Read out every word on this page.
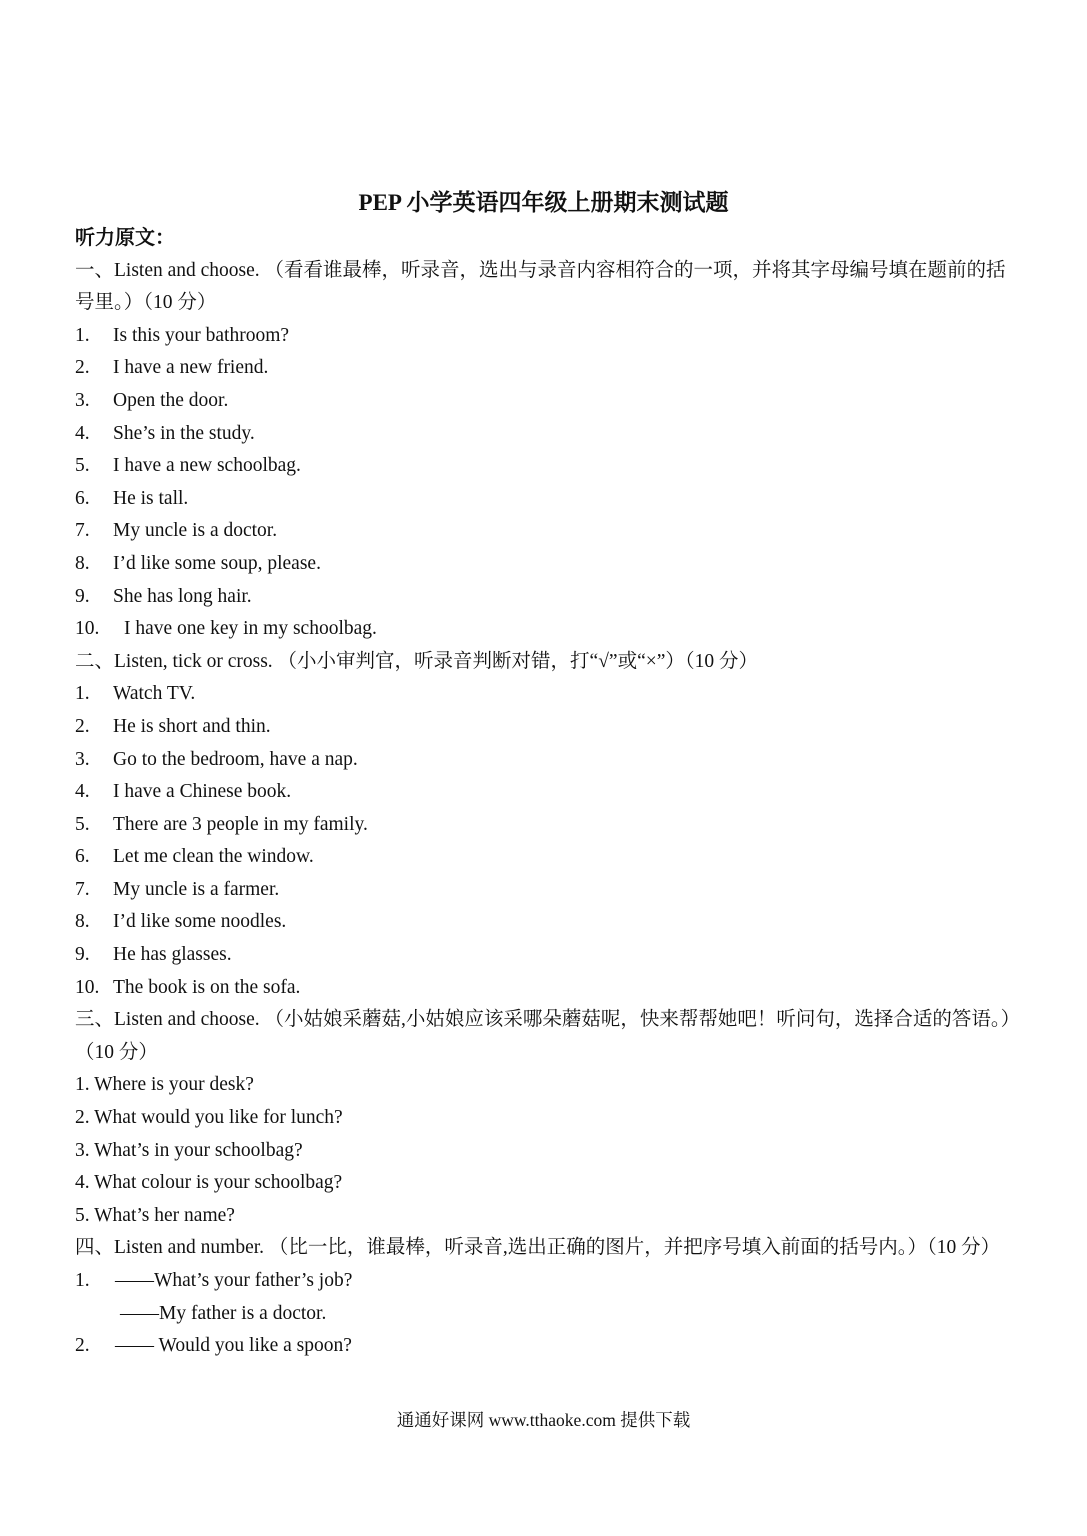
PEP 小学英语四年级上册期末测试题
听力原文：
一、Listen and choose. （看看谁最棒，听录音，选出与录音内容相符合的一项，并将其字母编号填在题前的括号里。）（10 分）
1. Is this your bathroom?
2. I have a new friend.
3. Open the door.
4. She’s in the study.
5. I have a new schoolbag.
6. He is tall.
7. My uncle is a doctor.
8. I’d like some soup, please.
9. She has long hair.
10. I have one key in my schoolbag.
二、Listen, tick or cross. （小小审判官，听录音判断对错，打“√”或“×”）（10 分）
1. Watch TV.
2. He is short and thin.
3. Go to the bedroom, have a nap.
4. I have a Chinese book.
5. There are 3 people in my family.
6. Let me clean the window.
7. My uncle is a farmer.
8. I’d like some noodles.
9. He has glasses.
10. The book is on the sofa.
三、Listen and choose. （小姑娘采蘑菇,小姑娘应该采哪朵蘑菇呢，快来帮帮她吧！听问句，选择合适的答语。）（10 分）
1. Where is your desk?
2. What would you like for lunch?
3. What’s in your schoolbag?
4. What colour is your schoolbag?
5. What’s her name?
四、Listen and number. （比一比，谁最棒，听录音,选出正确的图片，并把序号填入前面的括号内。）（10 分）
1. ——What’s your father’s job?
——My father is a doctor.
2. —— Would you like a spoon?
通通好课网 www.tthaoke.com 提供下载
